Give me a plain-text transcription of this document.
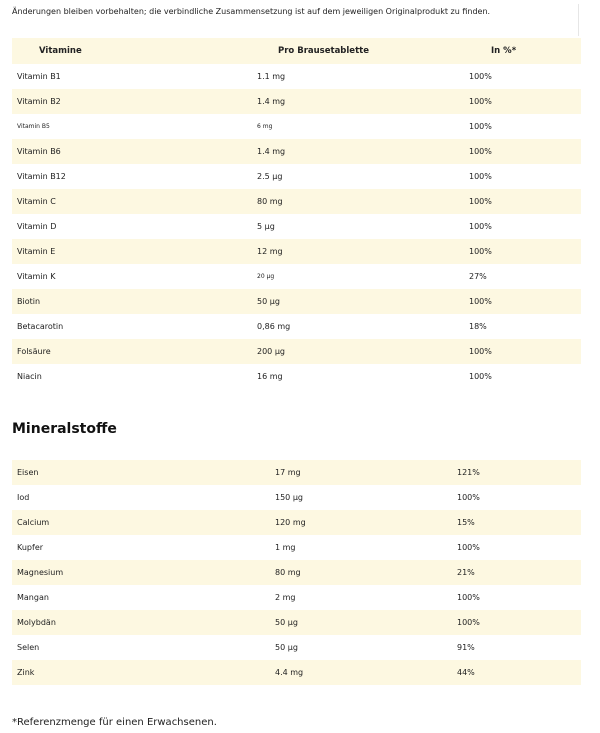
Änderungen bleiben vorbehalten; die verbindliche Zusammensetzung ist auf dem jeweiligen Originalprodukt zu finden.
Vitamine	Pro Brausetablette	In %*
Vitamin B1	1.1 mg	100%
Vitamin B2	1.4 mg	100%
Vitamin B5	6 mg	100%
Vitamin B6	1.4 mg	100%
Vitamin B12	2.5 µg	100%
Vitamin C	80 mg	100%
Vitamin D	5 µg	100%
Vitamin E	12 mg	100%
Vitamin K	20 µg	27%
Biotin	50 µg	100%
Betacarotin	0,86 mg	18%
Folsäure	200 µg	100%
Niacin	16 mg	100%
Mineralstoffe
Eisen	17 mg	121%
Iod	150 µg	100%
Calcium	120 mg	15%
Kupfer	1 mg	100%
Magnesium	80 mg	21%
Mangan	2 mg	100%
Molybdän	50 µg	100%
Selen	50 µg	91%
Zink	4.4 mg	44%
*Referenzmenge für einen Erwachsenen.
